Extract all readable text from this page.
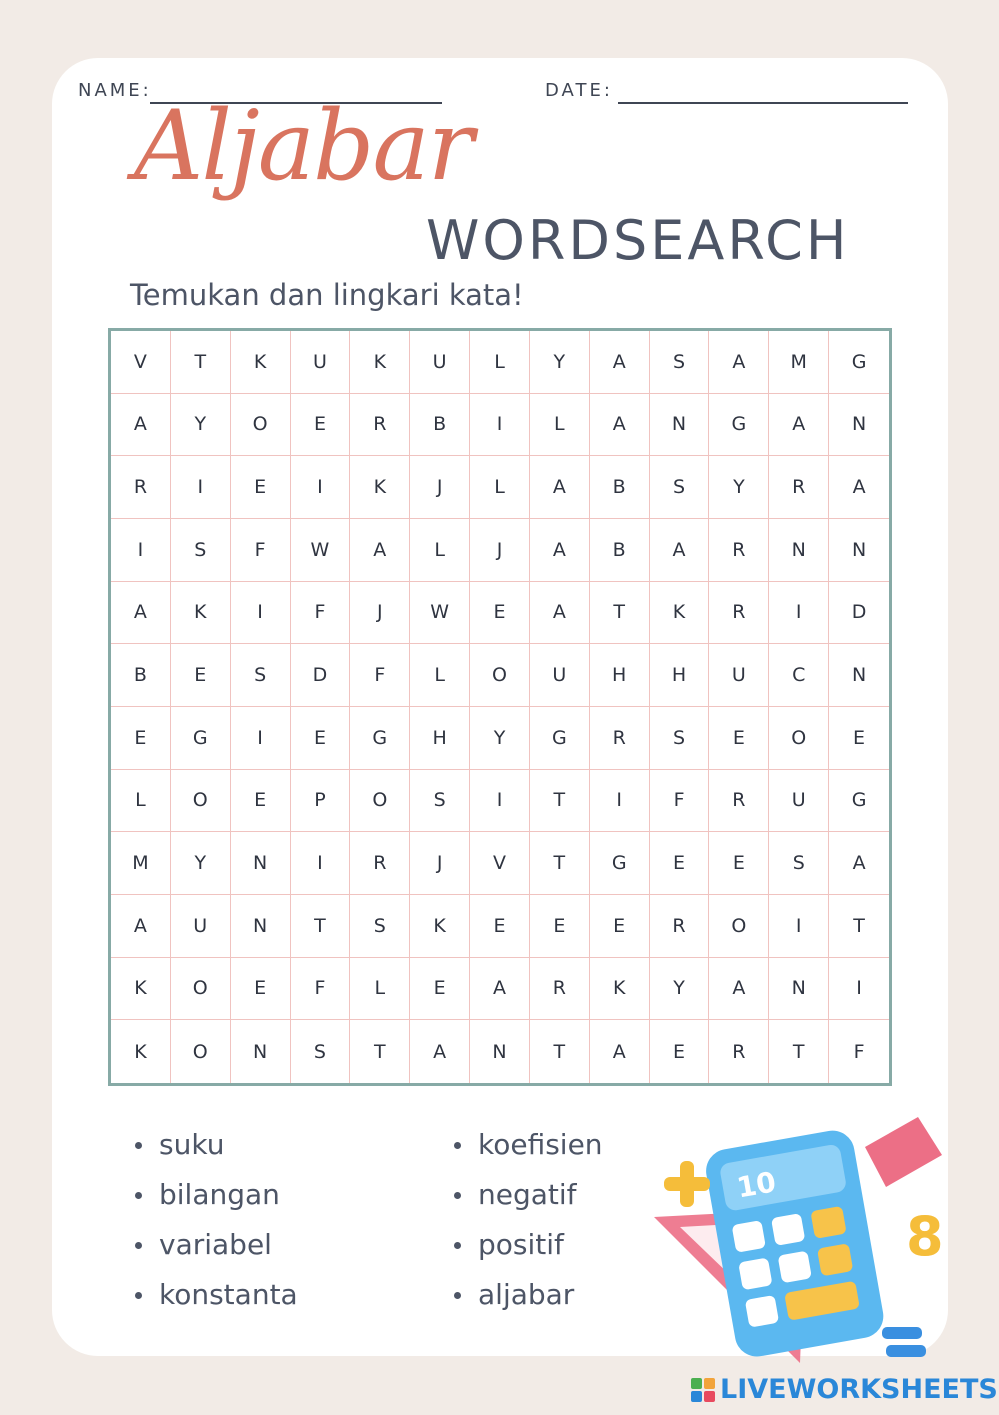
NAME:	DATE:
Aljabar
WORDSEARCH
Temukan dan lingkari kata!
V	T	K	U	K	U	L	Y	A	S	A	M	G
A	Y	O	E	R	B	I	L	A	N	G	A	N
R	I	E	I	K	J	L	A	B	S	Y	R	A
I	S	F	W	A	L	J	A	B	A	R	N	N
A	K	I	F	J	W	E	A	T	K	R	I	D
B	E	S	D	F	L	O	U	H	H	U	C	N
E	G	I	E	G	H	Y	G	R	S	E	O	E
L	O	E	P	O	S	I	T	I	F	R	U	G
M	Y	N	I	R	J	V	T	G	E	E	S	A
A	U	N	T	S	K	E	E	E	R	O	I	T
K	O	E	F	L	E	A	R	K	Y	A	N	I
K	O	N	S	T	A	N	T	A	E	R	T	F
suku
bilangan
variabel
konstanta
koefisien
negatif
positif
aljabar
10
8
LIVEWORKSHEETS
